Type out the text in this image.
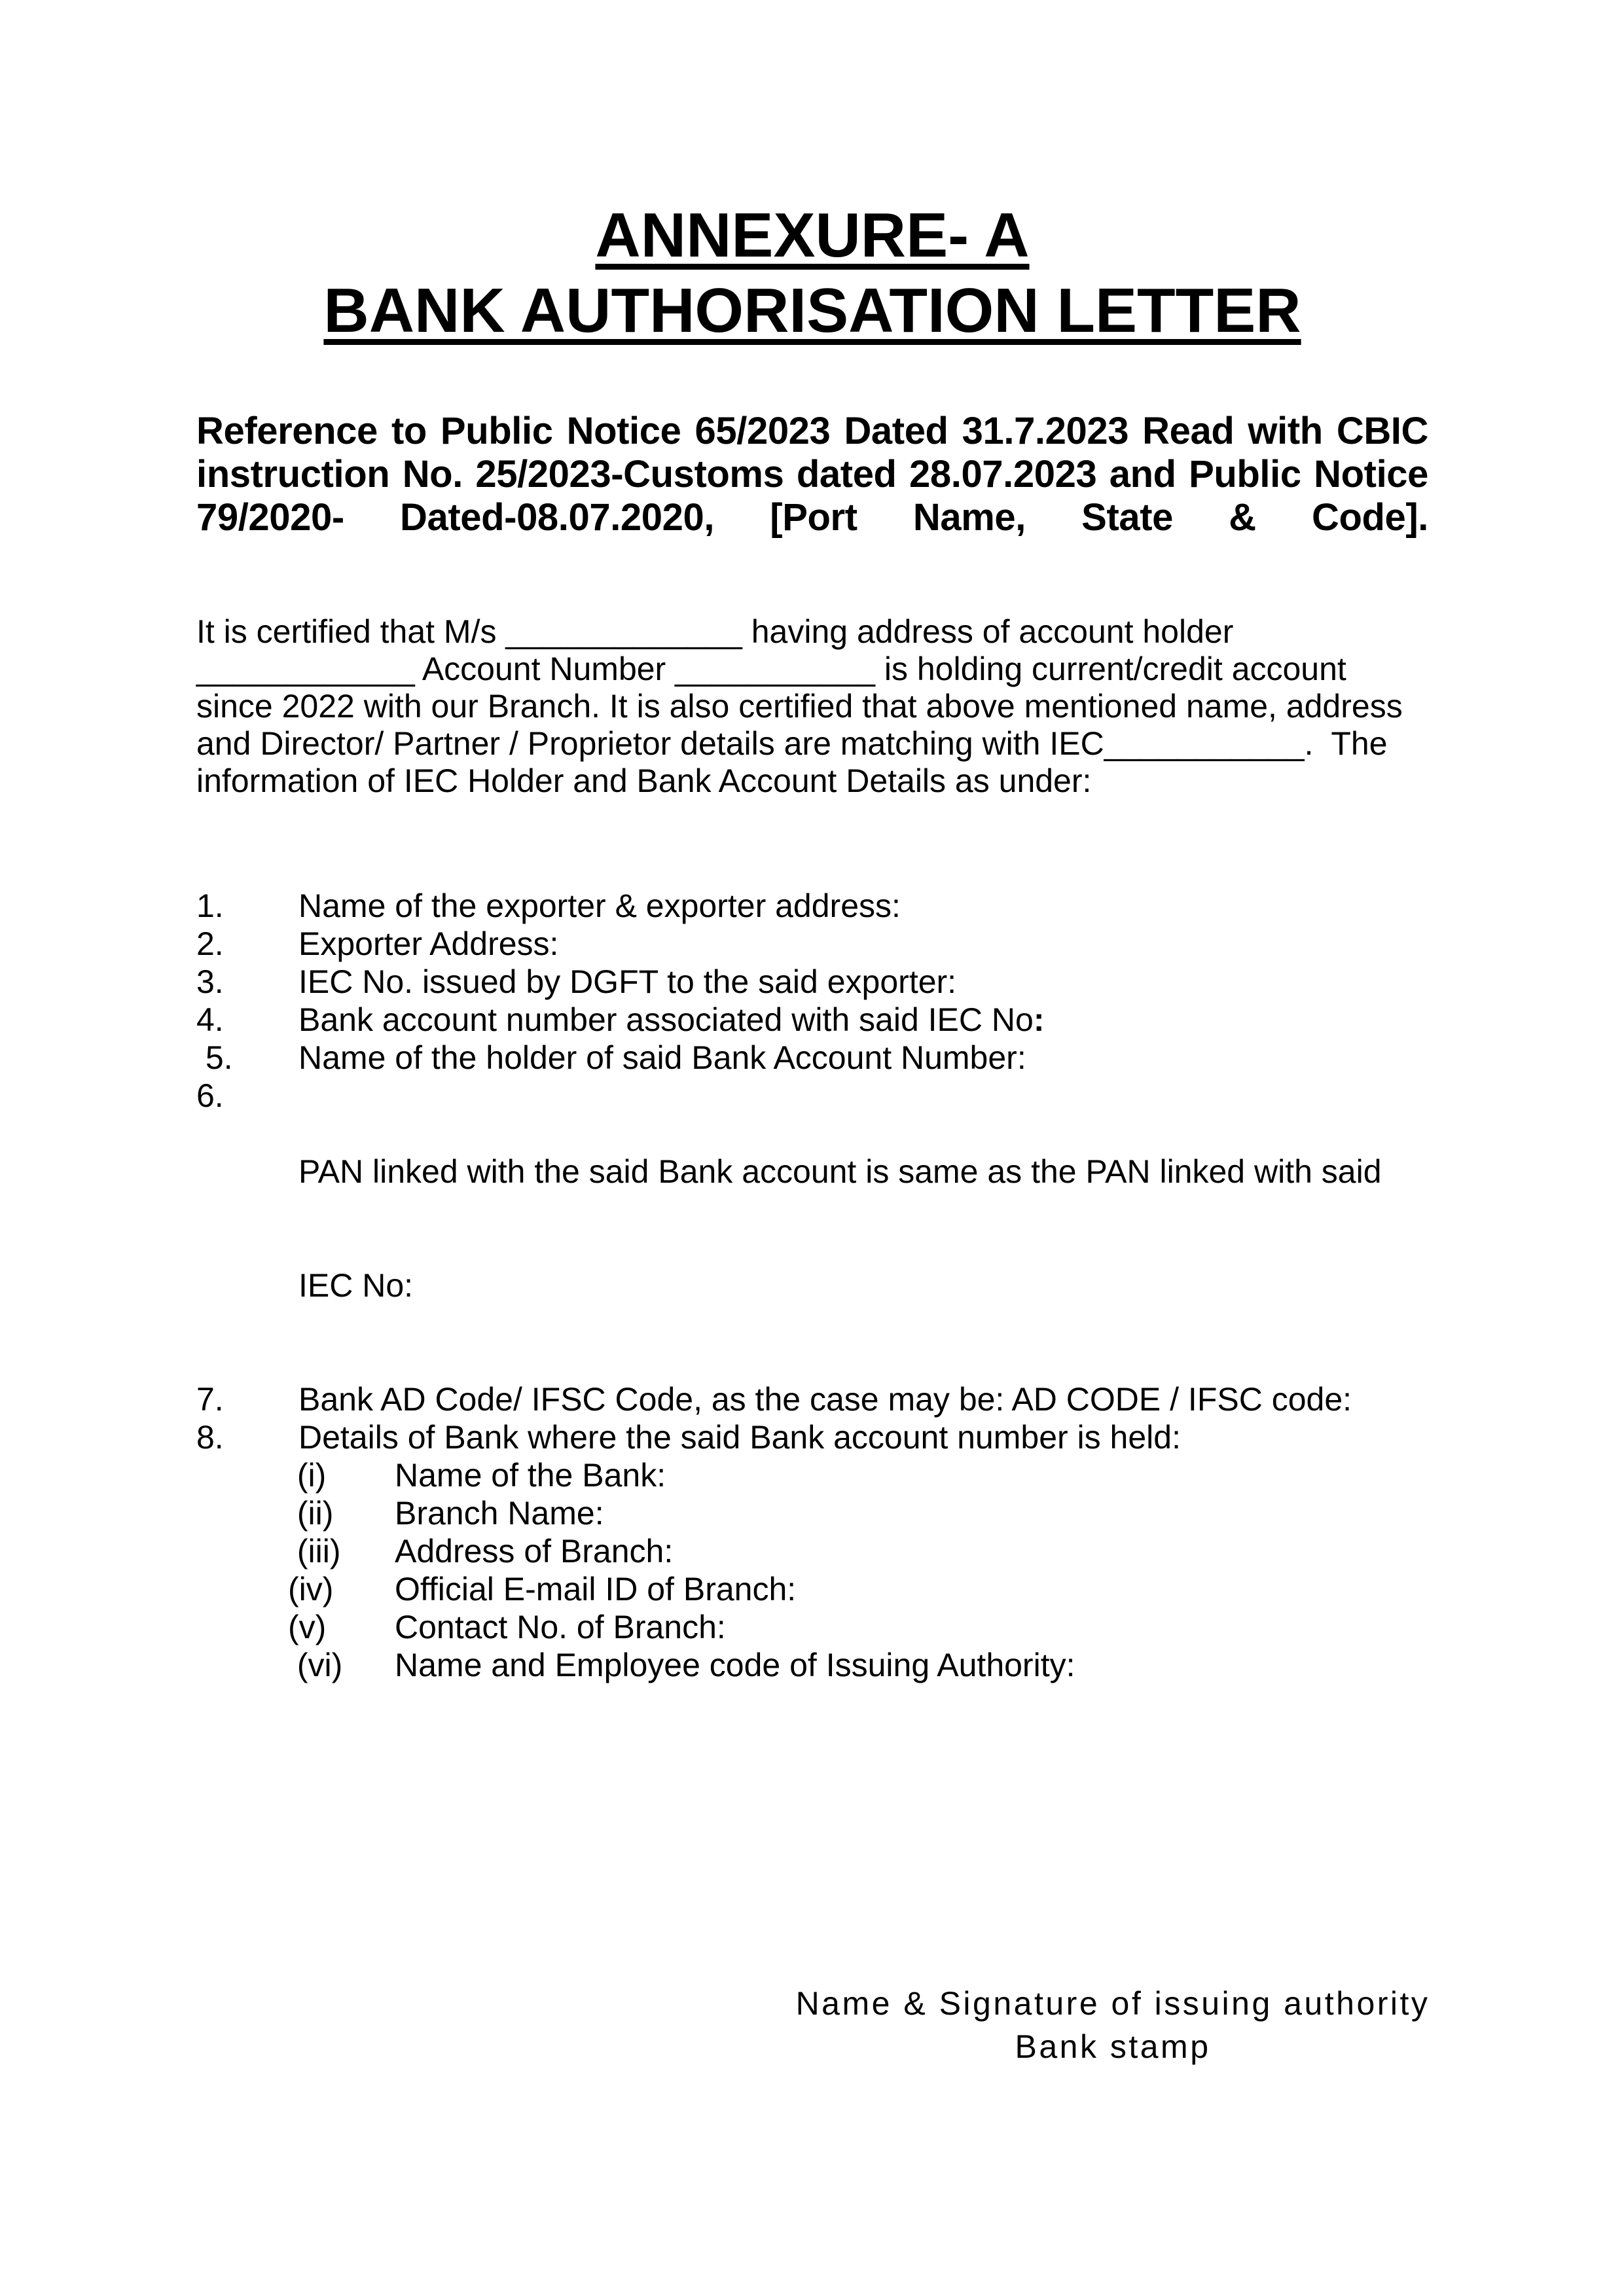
ANNEXURE- A
BANK AUTHORISATION LETTER
Reference to Public Notice 65/2023 Dated 31.7.2023 Read with CBIC
instruction No. 25/2023-Customs dated 28.07.2023 and Public Notice
79/2020- Dated-08.07.2020, [Port Name, State & Code].
It is certified that M/s _____________ having address of account holder
____________ Account Number ___________ is holding current/credit account
since 2022 with our Branch. It is also certified that above mentioned name, address
and Director/ Partner / Proprietor details are matching with IEC___________.  The
information of IEC Holder and Bank Account Details as under:
1.	Name of the exporter & exporter address:
2.	Exporter Address:
3.	IEC No. issued by DGFT to the said exporter:
4.	Bank account number associated with said IEC No:
5.	Name of the holder of said Bank Account Number:
6.

PAN linked with the said Bank account is same as the PAN linked with said

IEC No:

7.	Bank AD Code/ IFSC Code, as the case may be: AD CODE / IFSC code:
8.	Details of Bank where the said Bank account number is held:
(i)	Name of the Bank:
(ii)	Branch Name:
(iii)	Address of Branch:
(iv)	Official E-mail ID of Branch:
(v)	Contact No. of Branch:
(vi)	Name and Employee code of Issuing Authority:
Name & Signature of issuing authority
Bank stamp
